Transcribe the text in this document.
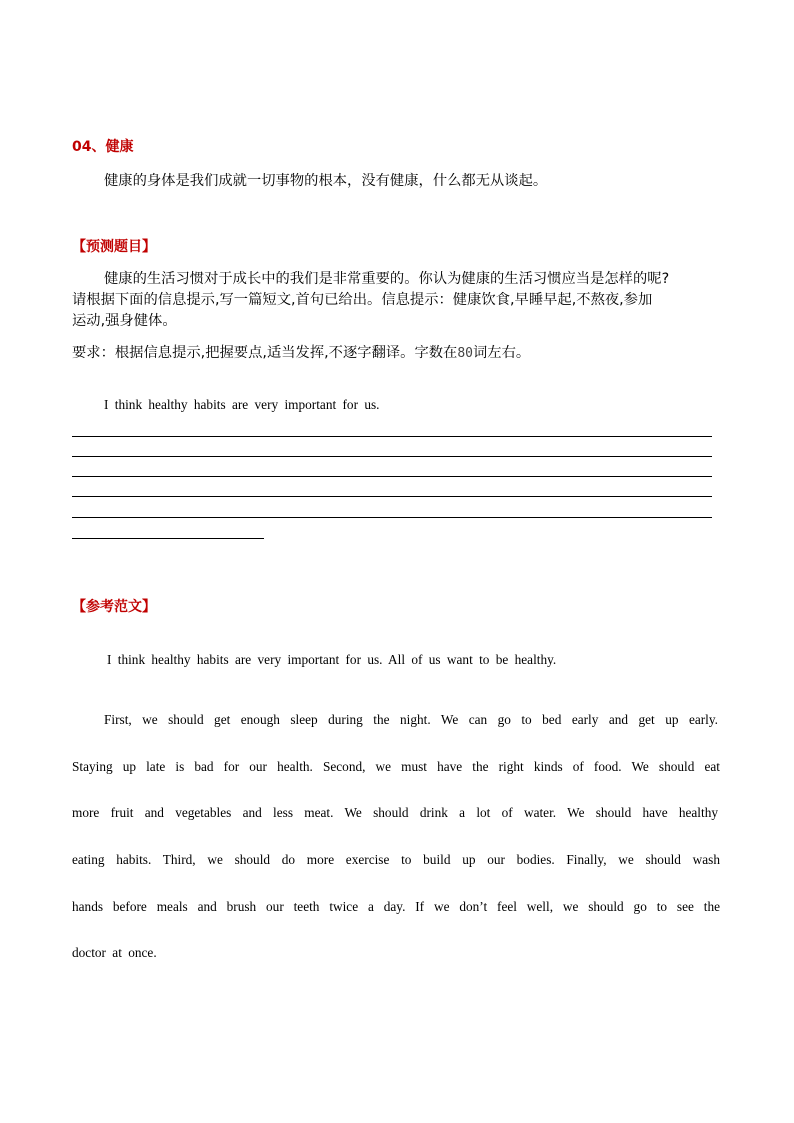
04、健康

健康的身体是我们成就一切事物的根本，没有健康，什么都无从谈起。

【预测题目】

健康的生活习惯对于成长中的我们是非常重要的。你认为健康的生活习惯应当是怎样的呢?

请根据下面的信息提示,写一篇短文,首句已给出。信息提示：健康饮食,早睡早起,不熬夜,参加

运动,强身健体。

要求：根据信息提示,把握要点,适当发挥,不逐字翻译。字数在80词左右。

I think healthy habits are very important for us.

【参考范文】

I think healthy habits are very important for us. All of us want to be healthy.

First, we should get enough sleep during the night. We can go to bed early and get up early.

Staying up late is bad for our health. Second, we must have the right kinds of food. We should eat

more fruit and vegetables and less meat. We should drink a lot of water. We should have healthy

eating habits. Third, we should do more exercise to build up our bodies. Finally, we should wash

hands before meals and brush our teeth twice a day. If we don’t feel well, we should go to see the

doctor at once.
